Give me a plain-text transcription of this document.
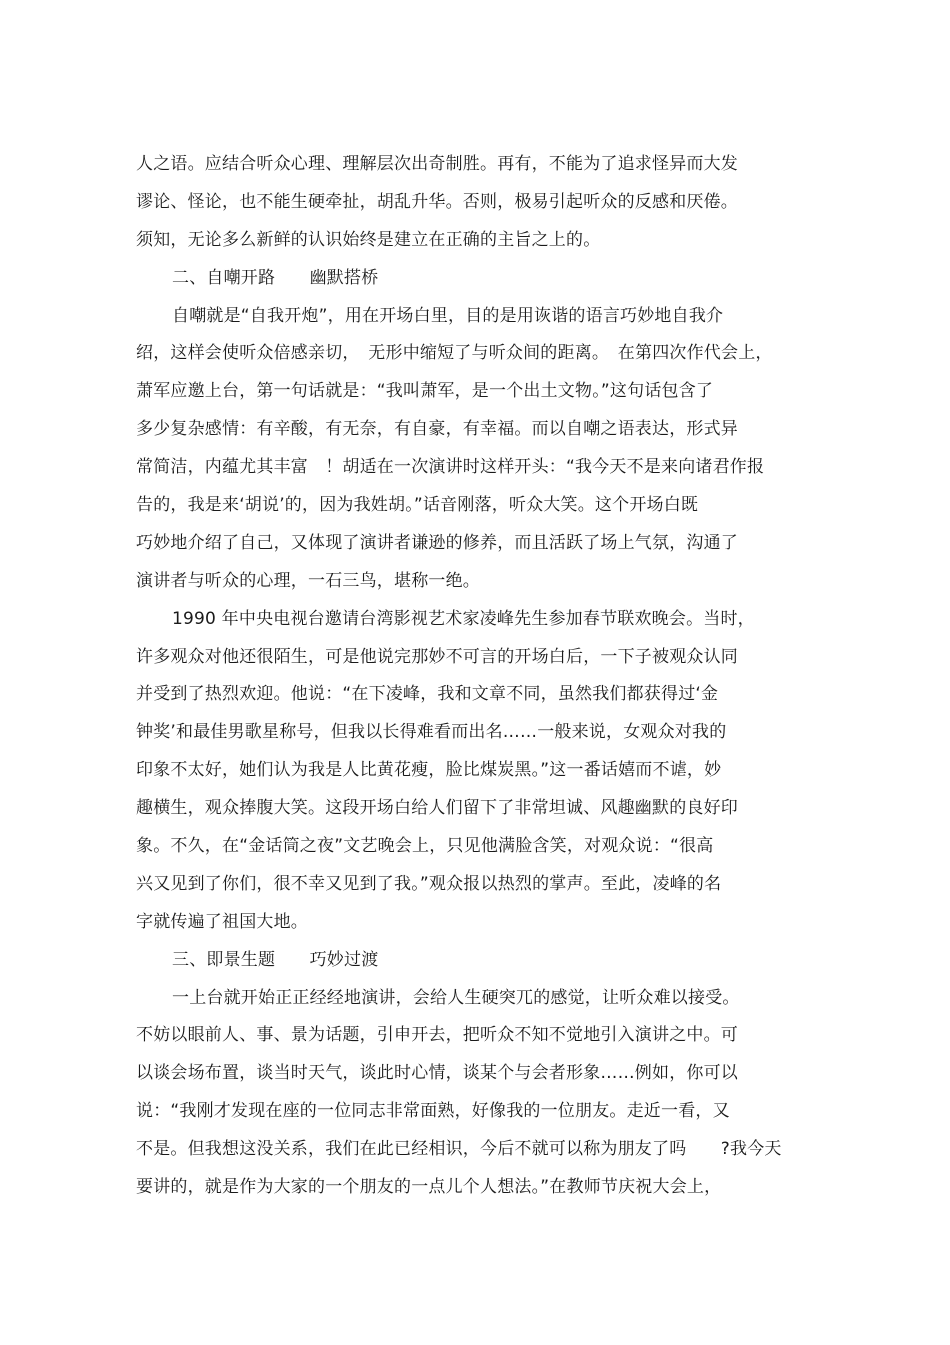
人之语。应结合听众心理、理解层次出奇制胜。再有，不能为了追求怪异而大发
谬论、怪论，也不能生硬牵扯，胡乱升华。否则，极易引起听众的反感和厌倦。
须知，无论多么新鲜的认识始终是建立在正确的主旨之上的。
二、自嘲开路　　幽默搭桥
自嘲就是“自我开炮”，用在开场白里，目的是用诙谐的语言巧妙地自我介
绍，这样会使听众倍感亲切，　无形中缩短了与听众间的距离。　在第四次作代会上，
萧军应邀上台，第一句话就是：“我叫萧军，是一个出土文物。”这句话包含了
多少复杂感情：有辛酸，有无奈，有自豪，有幸福。而以自嘲之语表达，形式异
常简洁，内蕴尤其丰富　！胡适在一次演讲时这样开头：“我今天不是来向诸君作报
告的，我是来‘胡说’的，因为我姓胡。”话音刚落，听众大笑。这个开场白既
巧妙地介绍了自己，又体现了演讲者谦逊的修养，而且活跃了场上气氛，沟通了
演讲者与听众的心理，一石三鸟，堪称一绝。
1990 年中央电视台邀请台湾影视艺术家凌峰先生参加春节联欢晚会。当时，
许多观众对他还很陌生，可是他说完那妙不可言的开场白后，一下子被观众认同
并受到了热烈欢迎。他说：“在下凌峰，我和文章不同，虽然我们都获得过‘金
钟奖’和最佳男歌星称号，但我以长得难看而出名……一般来说，女观众对我的
印象不太好，她们认为我是人比黄花瘦，脸比煤炭黑。”这一番话嬉而不谑，妙
趣横生，观众捧腹大笑。这段开场白给人们留下了非常坦诚、风趣幽默的良好印
象。不久，在“金话筒之夜”文艺晚会上，只见他满脸含笑，对观众说：“很高
兴又见到了你们，很不幸又见到了我。”观众报以热烈的掌声。至此，凌峰的名
字就传遍了祖国大地。
三、即景生题　　巧妙过渡
一上台就开始正正经经地演讲，会给人生硬突兀的感觉，让听众难以接受。
不妨以眼前人、事、景为话题，引申开去，把听众不知不觉地引入演讲之中。可
以谈会场布置，谈当时天气，谈此时心情，谈某个与会者形象……例如，你可以
说：“我刚才发现在座的一位同志非常面熟，好像我的一位朋友。走近一看，又
不是。但我想这没关系，我们在此已经相识，今后不就可以称为朋友了吗　　?我今天
要讲的，就是作为大家的一个朋友的一点儿个人想法。”在教师节庆祝大会上，
